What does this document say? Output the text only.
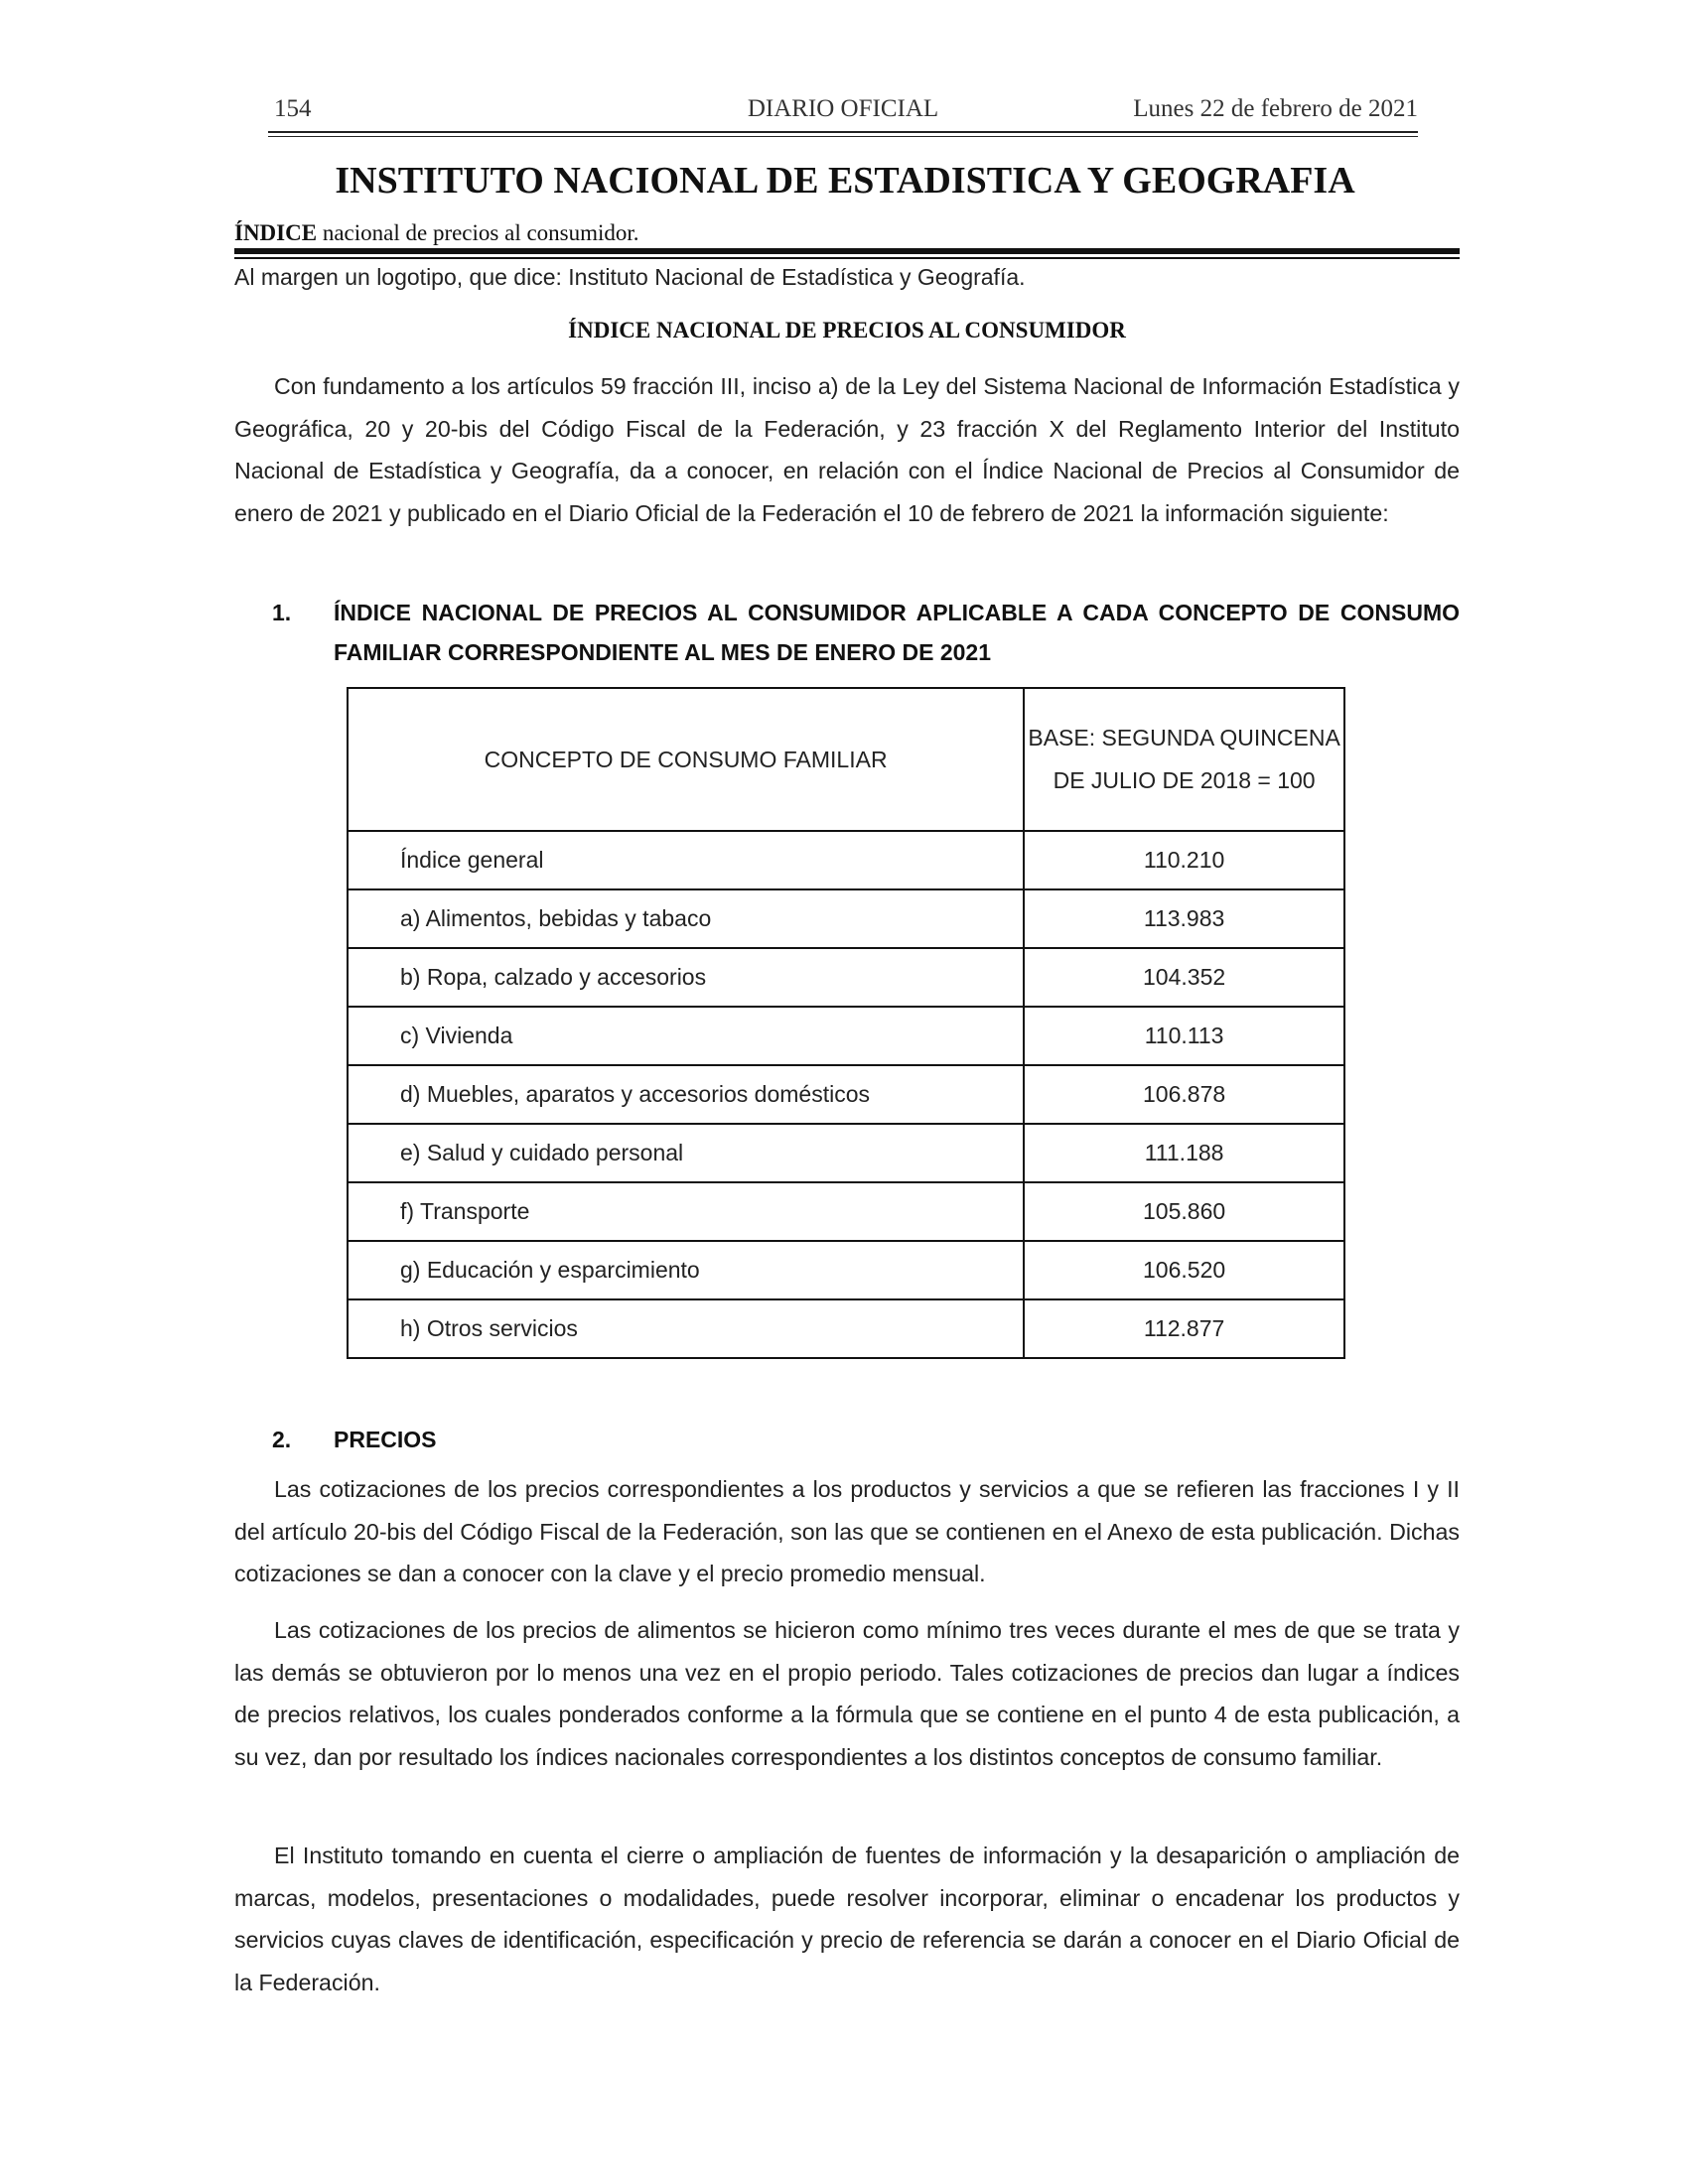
DIARIO OFICIAL
154	Lunes 22 de febrero de 2021
INSTITUTO NACIONAL DE ESTADISTICA Y GEOGRAFIA
ÍNDICE nacional de precios al consumidor.
Al margen un logotipo, que dice: Instituto Nacional de Estadística y Geografía.
ÍNDICE NACIONAL DE PRECIOS AL CONSUMIDOR

Con fundamento a los artículos 59 fracción III, inciso a) de la Ley del Sistema Nacional de Información Estadística y Geográfica, 20 y 20-bis del Código Fiscal de la Federación, y 23 fracción X del Reglamento Interior del Instituto Nacional de Estadística y Geografía, da a conocer, en relación con el Índice Nacional de Precios al Consumidor de enero de 2021 y publicado en el Diario Oficial de la Federación el 10 de febrero de 2021 la información siguiente:

1. ÍNDICE NACIONAL DE PRECIOS AL CONSUMIDOR APLICABLE A CADA CONCEPTO DE CONSUMO FAMILIAR CORRESPONDIENTE AL MES DE ENERO DE 2021
CONCEPTO DE CONSUMO FAMILIAR	BASE: SEGUNDA QUINCENA DE JULIO DE 2018 = 100
Índice general	110.210
a) Alimentos, bebidas y tabaco	113.983
b) Ropa, calzado y accesorios	104.352
c) Vivienda	110.113
d) Muebles, aparatos y accesorios domésticos	106.878
e) Salud y cuidado personal	111.188
f) Transporte	105.860
g) Educación y esparcimiento	106.520
h) Otros servicios	112.877
2. PRECIOS

Las cotizaciones de los precios correspondientes a los productos y servicios a que se refieren las fracciones I y II del artículo 20-bis del Código Fiscal de la Federación, son las que se contienen en el Anexo de esta publicación. Dichas cotizaciones se dan a conocer con la clave y el precio promedio mensual.

Las cotizaciones de los precios de alimentos se hicieron como mínimo tres veces durante el mes de que se trata y las demás se obtuvieron por lo menos una vez en el propio periodo. Tales cotizaciones de precios dan lugar a índices de precios relativos, los cuales ponderados conforme a la fórmula que se contiene en el punto 4 de esta publicación, a su vez, dan por resultado los índices nacionales correspondientes a los distintos conceptos de consumo familiar.

El Instituto tomando en cuenta el cierre o ampliación de fuentes de información y la desaparición o ampliación de marcas, modelos, presentaciones o modalidades, puede resolver incorporar, eliminar o encadenar los productos y servicios cuyas claves de identificación, especificación y precio de referencia se darán a conocer en el Diario Oficial de la Federación.
